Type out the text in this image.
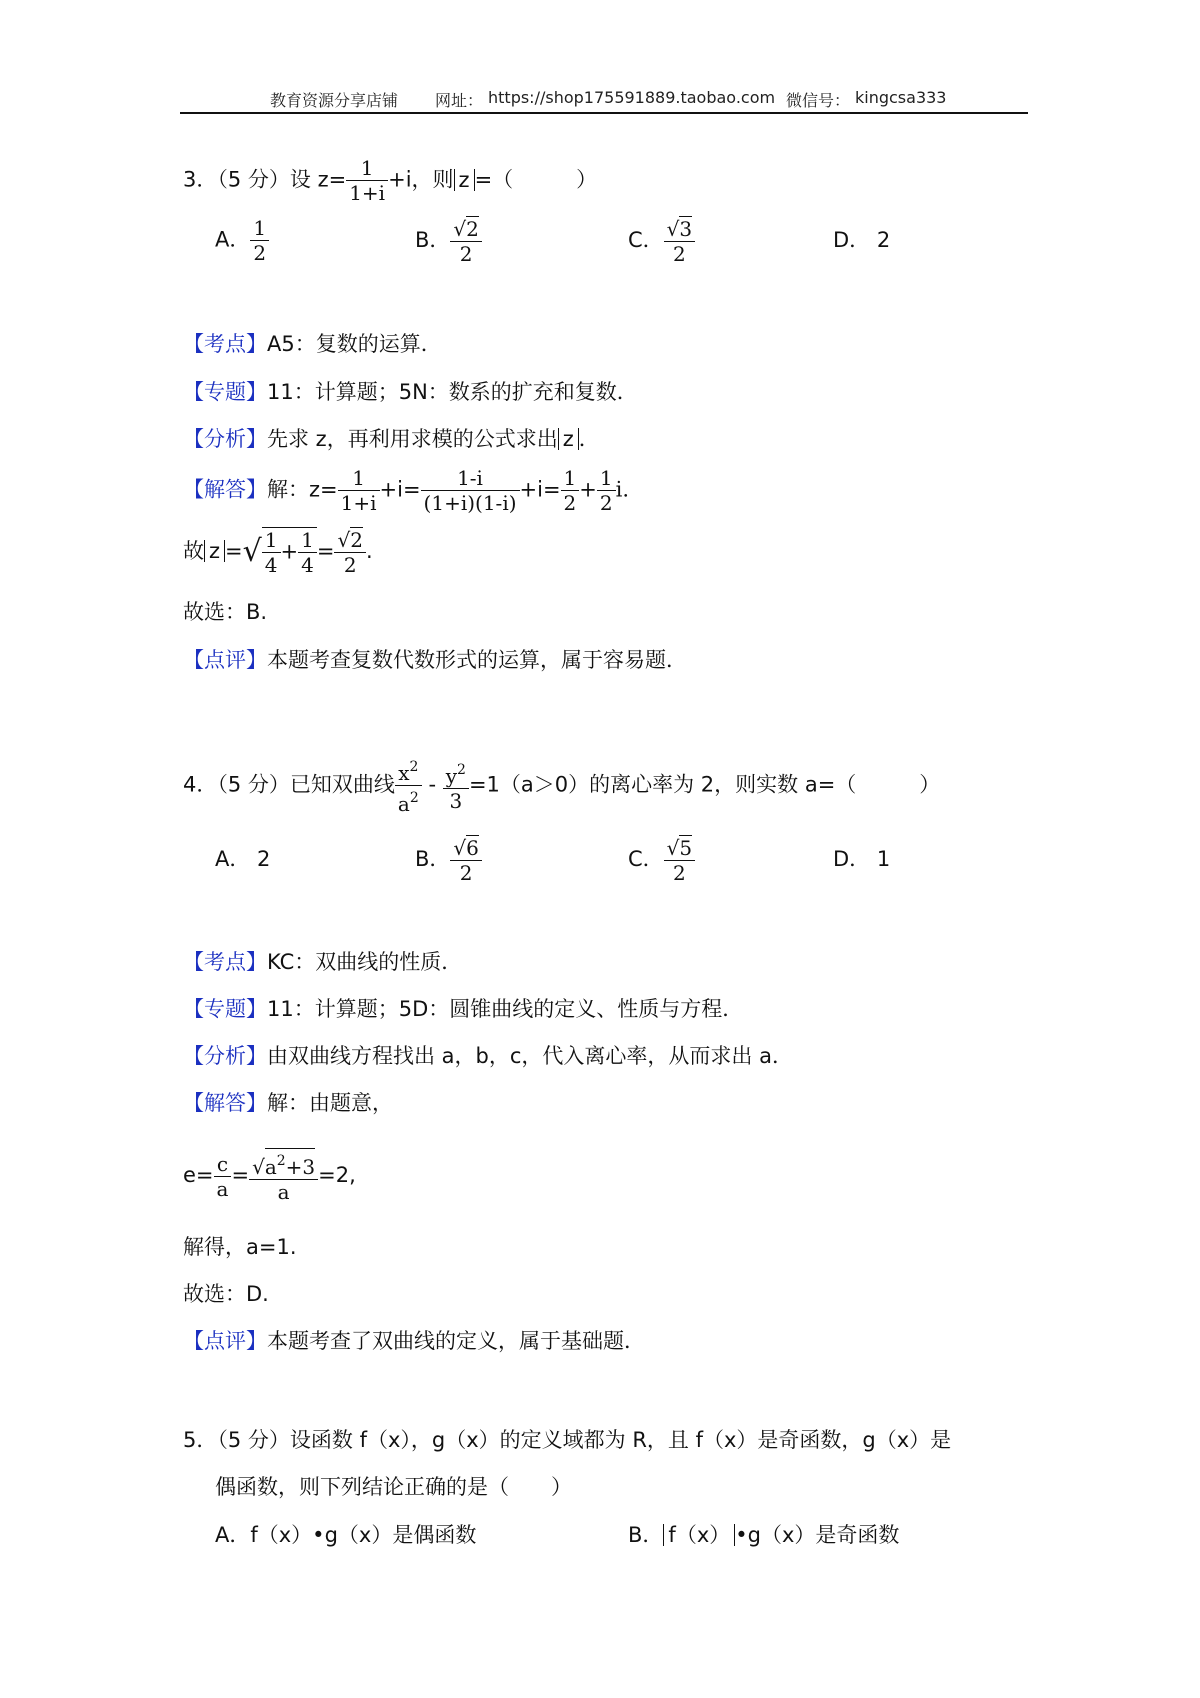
教育资源分享店铺 网址： https://shop175591889.taobao.com 微信号： kingcsa333
3．（5 分）设 $z= \frac{1}{1+i} +i$，则 z =（　　　）
A． $\frac{1}{2}$	B． $\frac{√2}{2}$	C． $\frac{√3}{2}$	D． 2
【考点】A5：复数的运算．
【专题】11：计算题；5N：数系的扩充和复数．
【分析】先求 z，再利用求模的公式求出 z ．
【解答】解：$z= \frac{1}{1+i} +i= \frac{1-i}{(1+i)(1-i)} +i= \frac{1}{2} + \frac{1}{2} i$.
故 z =√ $\frac{1}{4} + \frac{1}{4} = \frac{√2}{2}$ .
故选：B.
【点评】本题考查复数代数形式的运算，属于容易题．
4．（5 分）已知双曲线 $\frac{x^2}{a^2} - \frac{y^2}{3} =1(a>0)$的离心率为 2，则实数 a=（　　　）
A． 2	B． $\frac{√6}{2}$	C． $\frac{√5}{2}$	D． 1
【考点】KC：双曲线的性质．
【专题】11：计算题；5D：圆锥曲线的定义、性质与方程．
【分析】由双曲线方程找出 a，b，c，代入离心率，从而求出 a．
【解答】解：由题意，
$e= \frac{c}{a} = \frac{√a^2+3}{a} =2$,
解得，a=1.
故选：D.
【点评】本题考查了双曲线的定义，属于基础题．
5．（5 分）设函数 f（x），g（x）的定义域都为 R，且 f（x）是奇函数，g（x）是
偶函数，则下列结论正确的是（　　）
A．f（x）•g（x）是偶函数	B． f（x） •g（x）是奇函数
